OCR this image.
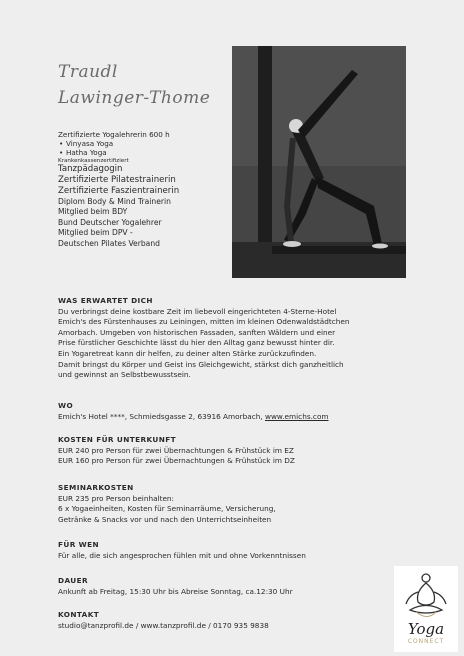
Traudl
Lawinger-Thome
Zertifizierte Yogalehrerin 600 h
• Vinyasa Yoga
• Hatha Yoga
Krankenkassenzertifiziert
Tanzpädagogin
Zertifizierte Pilatestrainerin
Zertifizierte Faszientrainerin
Diplom Body & Mind Trainerin
Mitglied beim BDY
Bund Deutscher Yogalehrer
Mitglied beim DPV -
Deutschen Pilates Verband
WAS ERWARTET DICH
Du verbringst deine kostbare Zeit im liebevoll eingerichteten 4-Sterne-Hotel
Emich's des Fürstenhauses zu Leiningen, mitten im kleinen Odenwaldstädtchen
Amorbach. Umgeben von historischen Fassaden, sanften Wäldern und einer
Prise fürstlicher Geschichte lässt du hier den Alltag ganz bewusst hinter dir.
Ein Yogaretreat kann dir helfen, zu deiner alten Stärke zurückzufinden.
Damit bringst du Körper und Geist ins Gleichgewicht, stärkst dich ganzheitlich
und gewinnst an Selbstbewusstsein.
WO
Emich's Hotel ****, Schmiedsgasse 2, 63916 Amorbach, www.emichs.com
KOSTEN FÜR UNTERKUNFT
EUR 240 pro Person für zwei Übernachtungen & Frühstück im EZ
EUR 160 pro Person für zwei Übernachtungen & Frühstück im DZ
SEMINARKOSTEN
EUR 235 pro Person beinhalten:
6 x Yogaeinheiten, Kosten für Seminarräume, Versicherung,
Getränke & Snacks vor und nach den Unterrichtseinheiten
FÜR WEN
Für alle, die sich angesprochen fühlen mit und ohne Vorkenntnissen
DAUER
Ankunft ab Freitag, 15:30 Uhr bis Abreise Sonntag, ca.12:30 Uhr
KONTAKT
studio@tanzprofil.de / www.tanzprofil.de / 0170 935 9838	Yoga
CONNECT
